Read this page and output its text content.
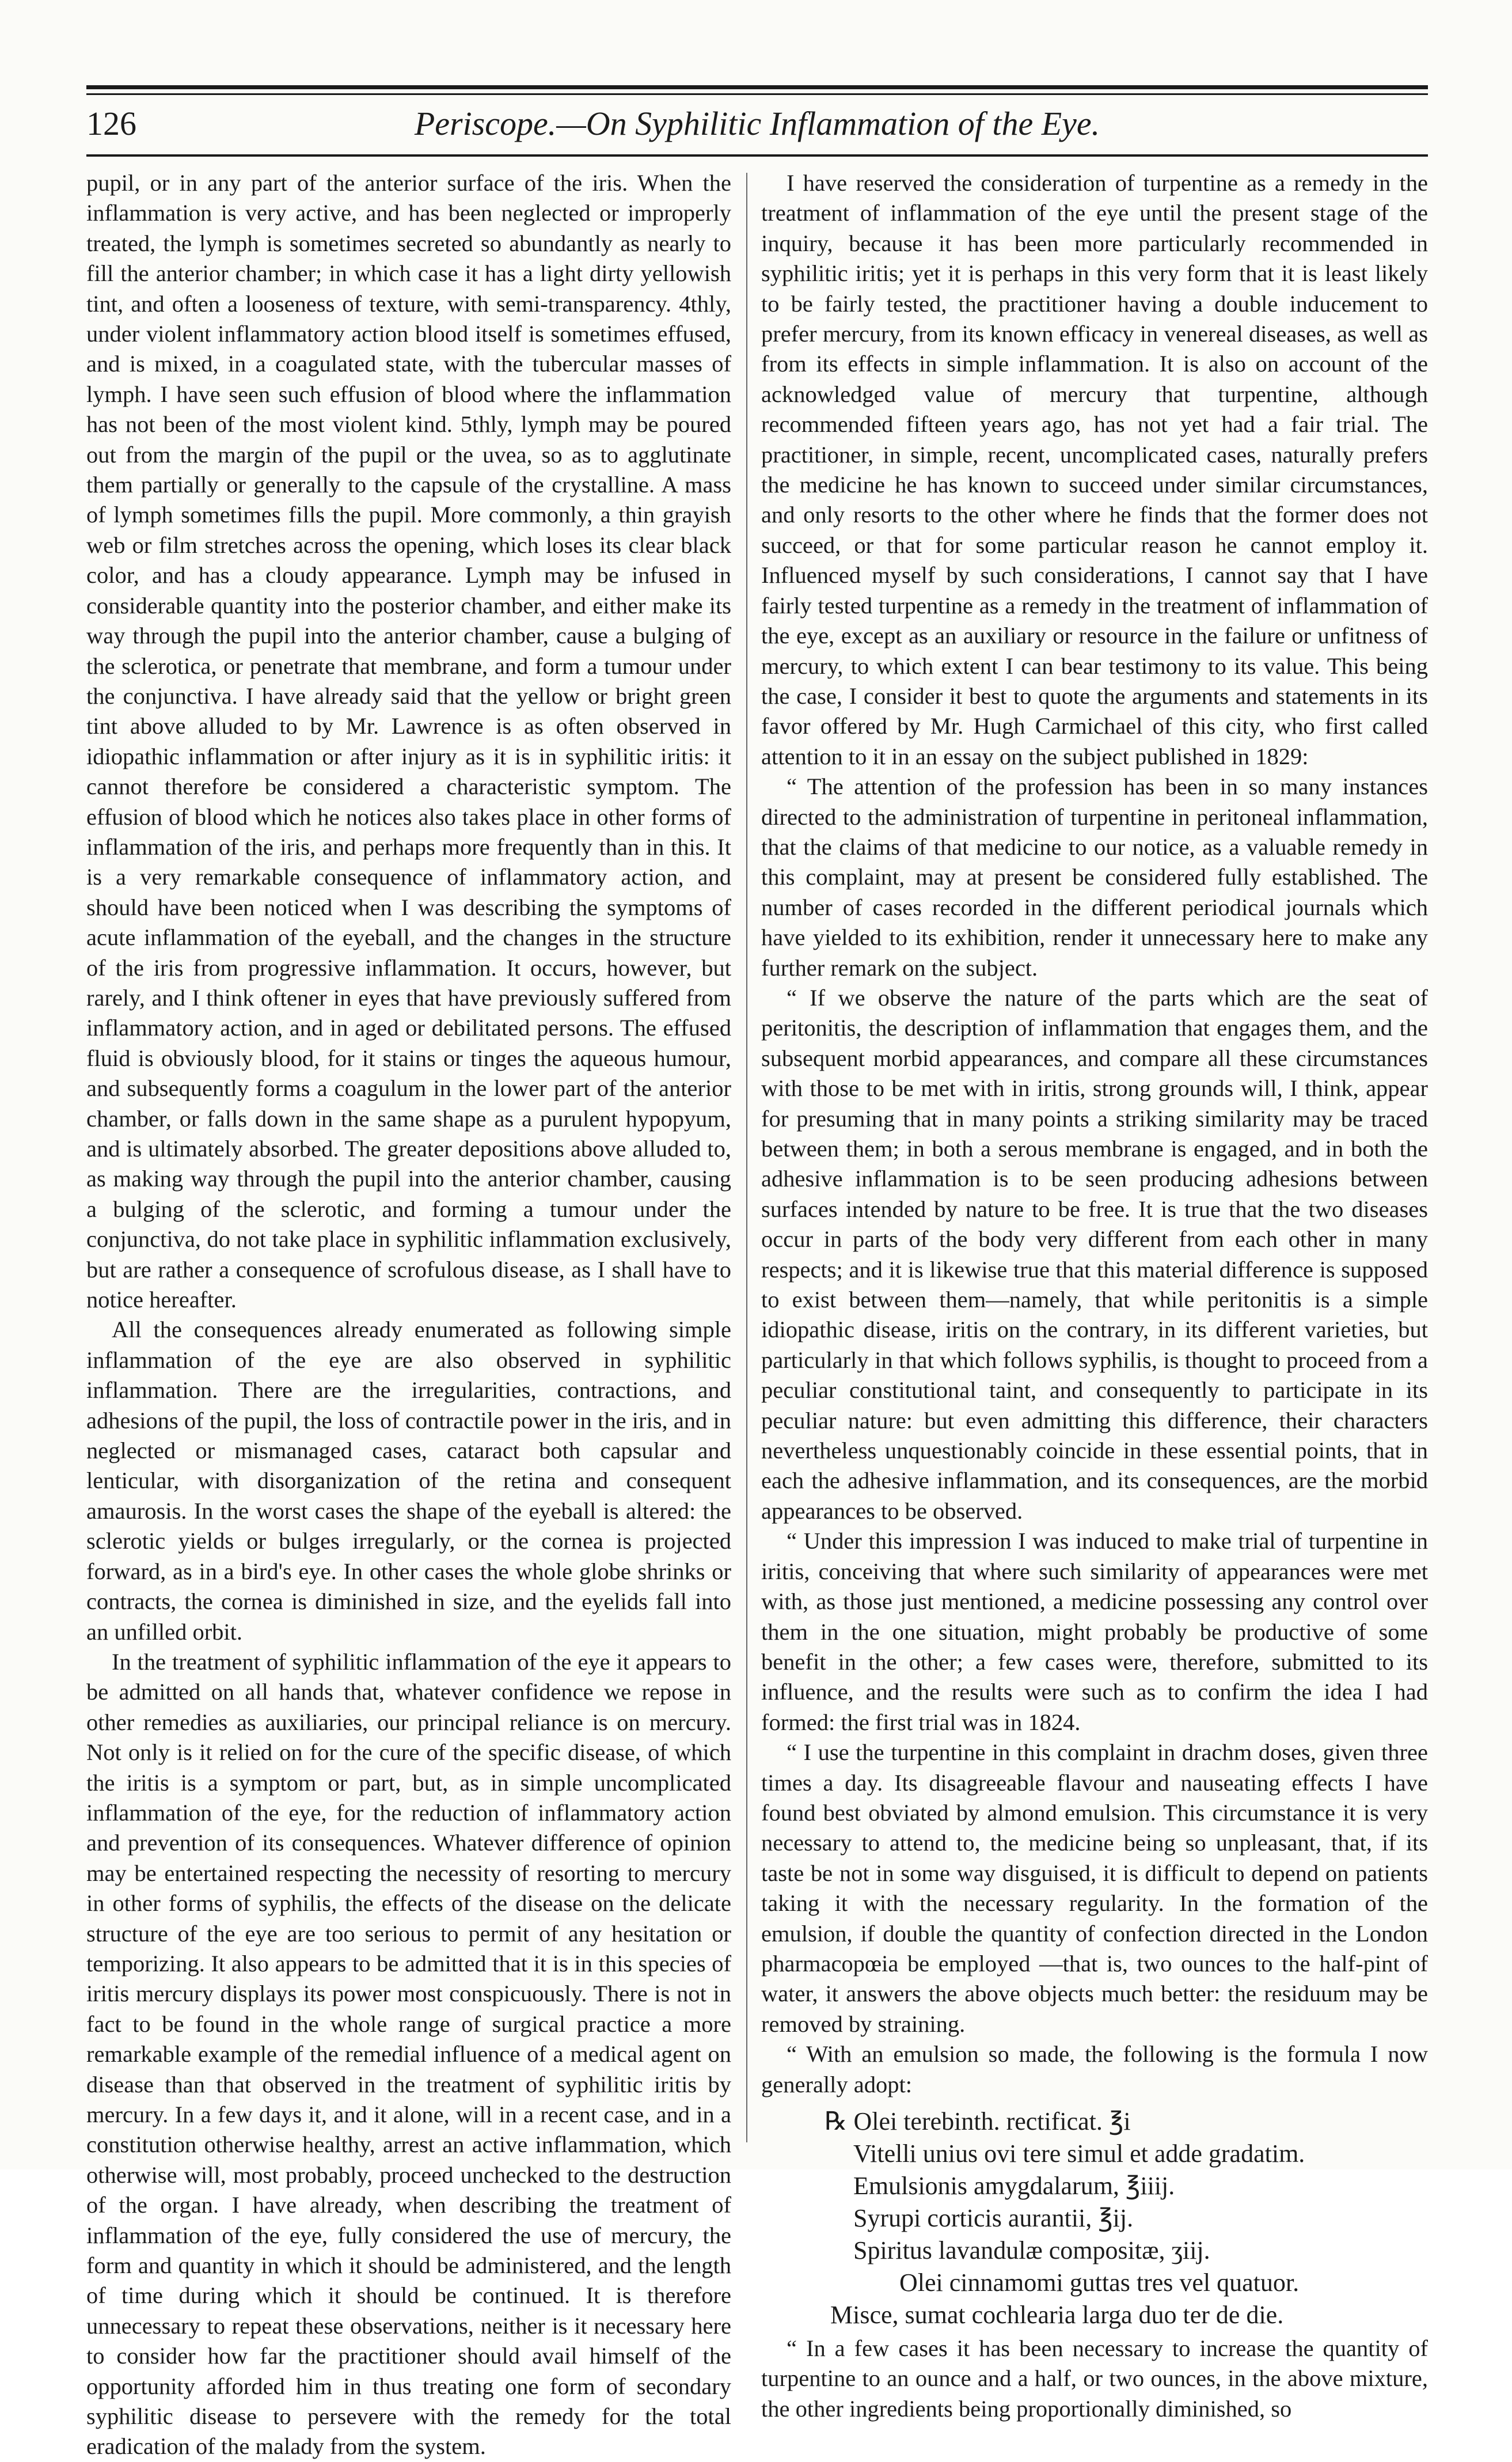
126	Periscope.—On Syphilitic Inflammation of the Eye.

pupil, or in any part of the anterior surface of the iris. When the inflammation is very active, and has been neglected or improperly treated, the lymph is sometimes secreted so abundantly as nearly to fill the anterior chamber; in which case it has a light dirty yellowish tint, and often a looseness of texture, with semi-transparency. 4thly, under violent inflammatory action blood itself is sometimes effused, and is mixed, in a coagulated state, with the tubercular masses of lymph. I have seen such effusion of blood where the inflammation has not been of the most violent kind. 5thly, lymph may be poured out from the margin of the pupil or the uvea, so as to agglutinate them partially or generally to the capsule of the crystalline. A mass of lymph sometimes fills the pupil. More commonly, a thin grayish web or film stretches across the opening, which loses its clear black color, and has a cloudy appearance. Lymph may be infused in considerable quantity into the posterior chamber, and either make its way through the pupil into the anterior chamber, cause a bulging of the sclerotica, or penetrate that membrane, and form a tumour under the conjunctiva. I have already said that the yellow or bright green tint above alluded to by Mr. Lawrence is as often observed in idiopathic inflammation or after injury as it is in syphilitic iritis: it cannot therefore be considered a characteristic symptom. The effusion of blood which he notices also takes place in other forms of inflammation of the iris, and perhaps more frequently than in this. It is a very remarkable consequence of inflammatory action, and should have been noticed when I was describing the symptoms of acute inflammation of the eyeball, and the changes in the structure of the iris from progressive inflammation. It occurs, however, but rarely, and I think oftener in eyes that have previously suffered from inflammatory action, and in aged or debilitated persons. The effused fluid is obviously blood, for it stains or tinges the aqueous humour, and subsequently forms a coagulum in the lower part of the anterior chamber, or falls down in the same shape as a purulent hypopyum, and is ultimately absorbed. The greater depositions above alluded to, as making way through the pupil into the anterior chamber, causing a bulging of the sclerotic, and forming a tumour under the conjunctiva, do not take place in syphilitic inflammation exclusively, but are rather a consequence of scrofulous disease, as I shall have to notice hereafter.

All the consequences already enumerated as following simple inflammation of the eye are also observed in syphilitic inflammation. There are the irregularities, contractions, and adhesions of the pupil, the loss of contractile power in the iris, and in neglected or mismanaged cases, cataract both capsular and lenticular, with disorganization of the retina and consequent amaurosis. In the worst cases the shape of the eyeball is altered: the sclerotic yields or bulges irregularly, or the cornea is projected forward, as in a bird's eye. In other cases the whole globe shrinks or contracts, the cornea is diminished in size, and the eyelids fall into an unfilled orbit.

In the treatment of syphilitic inflammation of the eye it appears to be admitted on all hands that, whatever confidence we repose in other remedies as auxiliaries, our principal reliance is on mercury. Not only is it relied on for the cure of the specific disease, of which the iritis is a symptom or part, but, as in simple uncomplicated inflammation of the eye, for the reduction of inflammatory action and prevention of its consequences. Whatever difference of opinion may be entertained respecting the necessity of resorting to mercury in other forms of syphilis, the effects of the disease on the delicate structure of the eye are too serious to permit of any hesitation or temporizing. It also appears to be admitted that it is in this species of iritis mercury displays its power most conspicuously. There is not in fact to be found in the whole range of surgical practice a more remarkable example of the remedial influence of a medical agent on disease than that observed in the treatment of syphilitic iritis by mercury. In a few days it, and it alone, will in a recent case, and in a constitution otherwise healthy, arrest an active inflammation, which otherwise will, most probably, proceed unchecked to the destruction of the organ. I have already, when describing the treatment of inflammation of the eye, fully considered the use of mercury, the form and quantity in which it should be administered, and the length of time during which it should be continued. It is therefore unnecessary to repeat these observations, neither is it necessary here to consider how far the practitioner should avail himself of the opportunity afforded him in thus treating one form of secondary syphilitic disease to persevere with the remedy for the total eradication of the malady from the system.

I have reserved the consideration of turpentine as a remedy in the treatment of inflammation of the eye until the present stage of the inquiry, because it has been more particularly recommended in syphilitic iritis; yet it is perhaps in this very form that it is least likely to be fairly tested, the practitioner having a double inducement to prefer mercury, from its known efficacy in venereal diseases, as well as from its effects in simple inflammation. It is also on account of the acknowledged value of mercury that turpentine, although recommended fifteen years ago, has not yet had a fair trial. The practitioner, in simple, recent, uncomplicated cases, naturally prefers the medicine he has known to succeed under similar circumstances, and only resorts to the other where he finds that the former does not succeed, or that for some particular reason he cannot employ it. Influenced myself by such considerations, I cannot say that I have fairly tested turpentine as a remedy in the treatment of inflammation of the eye, except as an auxiliary or resource in the failure or unfitness of mercury, to which extent I can bear testimony to its value. This being the case, I consider it best to quote the arguments and statements in its favor offered by Mr. Hugh Carmichael of this city, who first called attention to it in an essay on the subject published in 1829:

“ The attention of the profession has been in so many instances directed to the administration of turpentine in peritoneal inflammation, that the claims of that medicine to our notice, as a valuable remedy in this complaint, may at present be considered fully established. The number of cases recorded in the different periodical journals which have yielded to its exhibition, render it unnecessary here to make any further remark on the subject.

“ If we observe the nature of the parts which are the seat of peritonitis, the description of inflammation that engages them, and the subsequent morbid appearances, and compare all these circumstances with those to be met with in iritis, strong grounds will, I think, appear for presuming that in many points a striking similarity may be traced between them; in both a serous membrane is engaged, and in both the adhesive inflammation is to be seen producing adhesions between surfaces intended by nature to be free. It is true that the two diseases occur in parts of the body very different from each other in many respects; and it is likewise true that this material difference is supposed to exist between them—namely, that while peritonitis is a simple idiopathic disease, iritis on the contrary, in its different varieties, but particularly in that which follows syphilis, is thought to proceed from a peculiar constitutional taint, and consequently to participate in its peculiar nature: but even admitting this difference, their characters nevertheless unquestionably coincide in these essential points, that in each the adhesive inflammation, and its consequences, are the morbid appearances to be observed.

“ Under this impression I was induced to make trial of turpentine in iritis, conceiving that where such similarity of appearances were met with, as those just mentioned, a medicine possessing any control over them in the one situation, might probably be productive of some benefit in the other; a few cases were, therefore, submitted to its influence, and the results were such as to confirm the idea I had formed: the first trial was in 1824.

“ I use the turpentine in this complaint in drachm doses, given three times a day. Its disagreeable flavour and nauseating effects I have found best obviated by almond emulsion. This circumstance it is very necessary to attend to, the medicine being so unpleasant, that, if its taste be not in some way disguised, it is difficult to depend on patients taking it with the necessary regularity. In the formation of the emulsion, if double the quantity of confection directed in the London pharmacopœia be employed —that is, two ounces to the half-pint of water, it answers the above objects much better: the residuum may be removed by straining.

“ With an emulsion so made, the following is the formula I now generally adopt:

℞ Olei terebinth. rectificat. ℥i
Vitelli unius ovi tere simul et adde gradatim.
Emulsionis amygdalarum, ℥iiij.
Syrupi corticis aurantii, ℥ij.
Spiritus lavandulæ compositæ, ʒiij.
Olei cinnamomi guttas tres vel quatuor.
Misce, sumat cochlearia larga duo ter de die.

“ In a few cases it has been necessary to increase the quantity of turpentine to an ounce and a half, or two ounces, in the above mixture, the other ingredients being proportionally diminished, so
